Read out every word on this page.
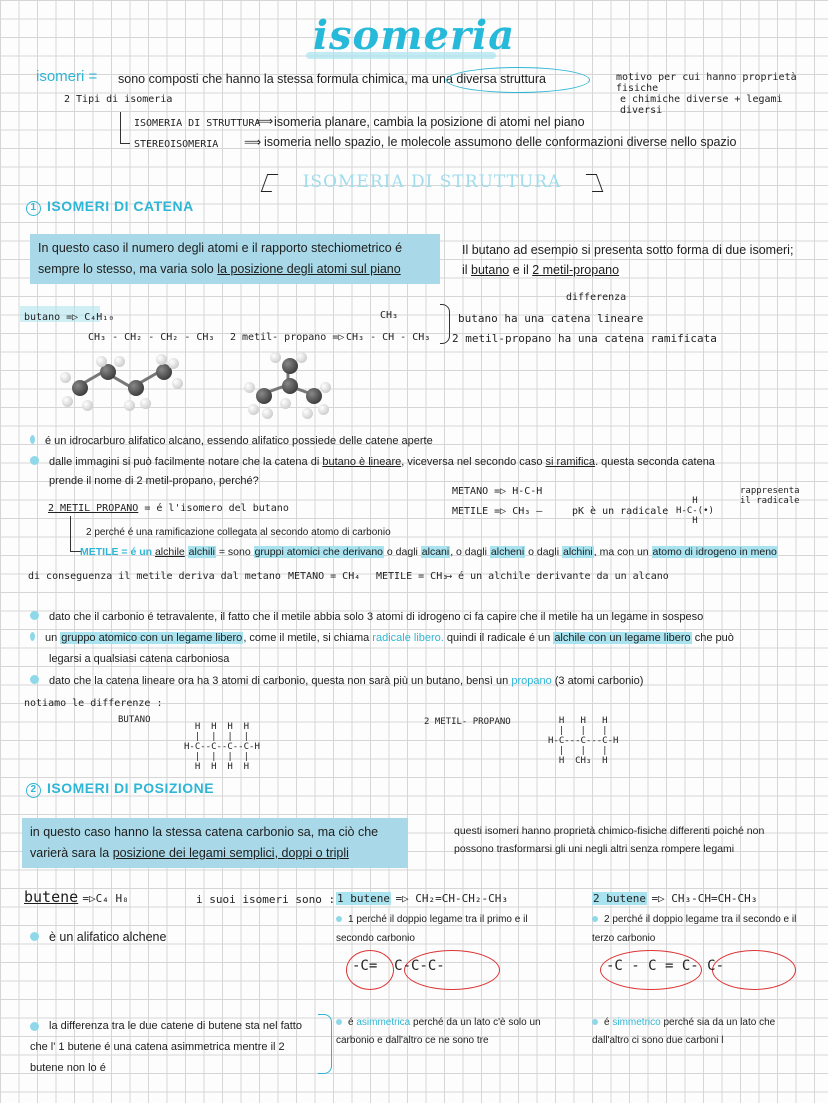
isomeria
isomeri = sono composti che hanno la stessa formula chimica, ma una diversa struttura	motivo per cui hanno proprietà fisiche
e chimiche diverse + legami diversi
2 Tipi di isomeria
ISOMERIA DI STRUTTURA
⟹ isomeria planare, cambia la posizione di atomi nel piano
STEREOISOMERIA ⟹ isomeria nello spazio, le molecole assumono delle conformazioni diverse nello spazio
ISOMERIA DI STRUTTURA
1 ISOMERI DI CATENA
In questo caso il numero degli atomi e il rapporto stechiometrico é sempre lo stesso, ma varia solo la posizione degli atomi sul piano
Il butano ad esempio si presenta sotto forma di due isomeri; il butano e il 2 metil-propano
differenza
butano =▷ C₄H₁₀
CH₃ - CH₂ - CH₂ - CH₃ 2 metil- propano =▷
CH₃
CH₃ - CH - CH₃
butano ha una catena lineare
2 metil-propano ha una catena ramificata
é un idrocarburo alifatico alcano, essendo alifatico possiede delle catene aperte
dalle immagini si può facilmente notare che la catena di butano è lineare, viceversa nel secondo caso si ramifica. questa seconda catena
prende il nome di 2 metil-propano, perché?
2 METIL PROPANO = é l'isomero del butano
METANO =▷ H-C-H
METILE =▷ CH₃ –	pK è un radicale
H
H-C-(•)
H
rappresenta
il radicale
2 perché é una ramificazione collegata al secondo atomo di carbonio
METILE = é un alchile alchili = sono gruppi atomici che derivano o dagli alcani, o dagli alcheni o dagli alchini, ma con un atomo di idrogeno in meno
di conseguenza il metile deriva dal metano METANO = CH₄ METILE = CH₃
→ é un alchile derivante da un alcano
dato che il carbonio é tetravalente, il fatto che il metile abbia solo 3 atomi di idrogeno ci fa capire che il metile ha un legame in sospeso
un gruppo atomico con un legame libero, come il metile, si chiama radicale libero. quindi il radicale é un alchile con un legame libero che può
legarsi a qualsiasi catena carboniosa
dato che la catena lineare ora ha 3 atomi di carbonio, questa non sarà più un butano, bensì un propano (3 atomi carbonio)
notiamo le differenze :
BUTANO	2 METIL- PROPANO
H  H  H  H
|  |  |  |
H-C--C--C--C-H
|  |  |  |
H  H  H  H
H   H   H
|   |   |
H-C---C---C-H
|   |   |
H  CH₃  H
2 ISOMERI DI POSIZIONE
in questo caso hanno la stessa catena carbonio sa, ma ciò che varierà sara la posizione dei legami semplici, doppi o tripli
questi isomeri hanno proprietà chimico-fisiche differenti poiché non possono trasformarsi gli uni negli altri senza rompere legami
butene =▷C₄ H₈	i suoi isomeri sono :
è un alifatico alchene
1 butene =▷ CH₂=CH-CH₂-CH₃
1 perché il doppio legame tra il primo e il secondo carbonio
2 butene =▷ CH₃-CH=CH-CH₃
2 perché il doppio legame tra il secondo e il terzo carbonio
-C=  C-C-C-	-C - C = C- C-
la differenza tra le due catene di butene sta nel fatto che l' 1 butene é una catena asimmetrica mentre il 2 butene non lo é
é asimmetrica perché da un lato c'è solo un carbonio e dall'altro ce ne sono tre
é simmetrico perché sia da un lato che dall'altro ci sono due carboni l
